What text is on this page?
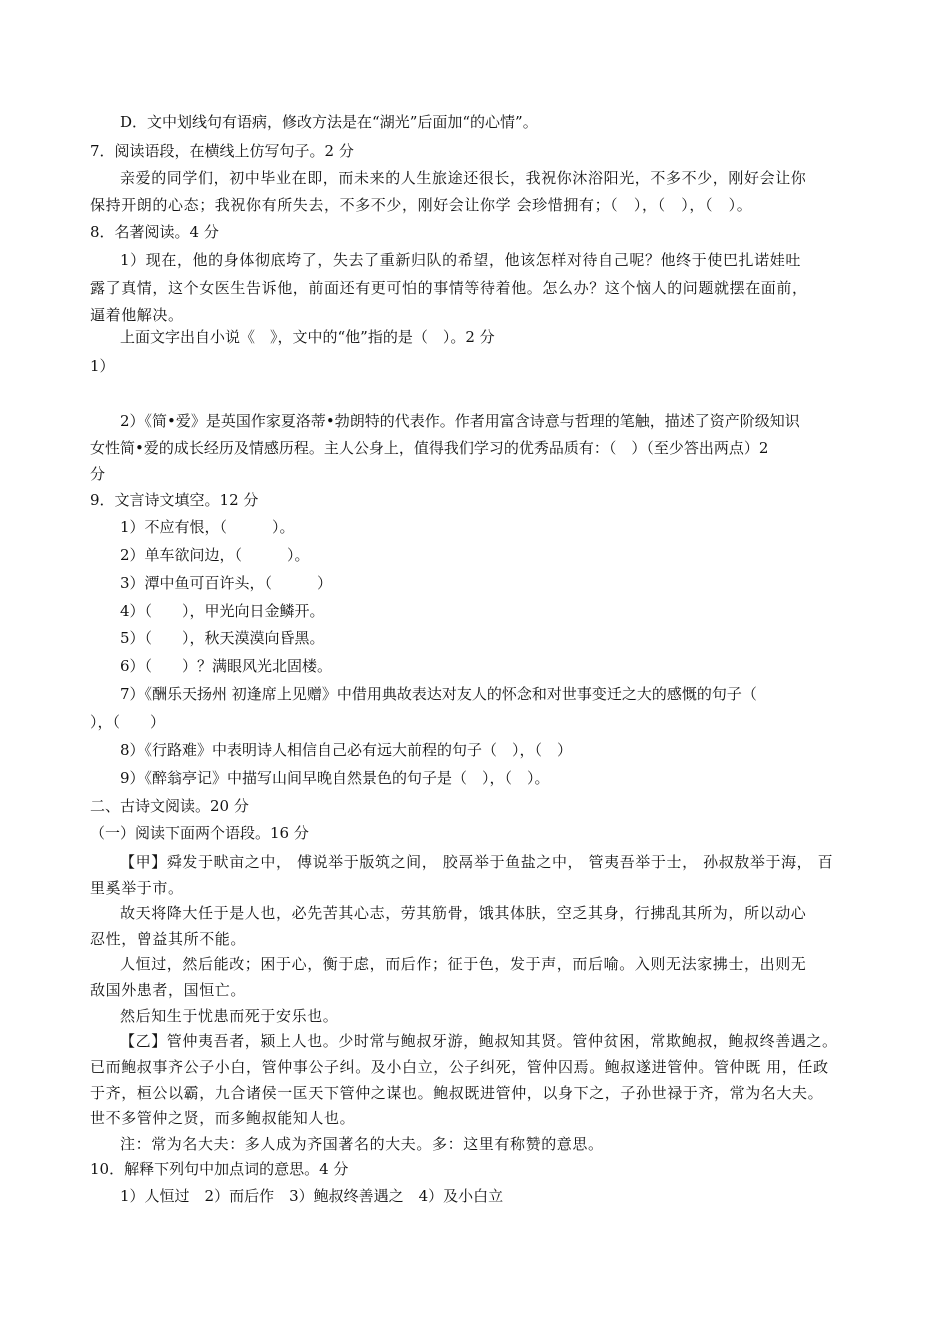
D．文中划线句有语病，修改方法是在“湖光”后面加“的心情”。
7．阅读语段，在横线上仿写句子。2 分
亲爱的同学们，初中毕业在即，而未来的人生旅途还很长，我祝你沐浴阳光，不多不少，刚好会让你
保持开朗的心态；我祝你有所失去，不多不少，刚好会让你学 会珍惜拥有；（　），（　），（　）。
8．名著阅读。4 分
1）现在，他的身体彻底垮了，失去了重新归队的希望，他该怎样对待自己呢？他终于使巴扎诺娃吐
露了真情，这个女医生告诉他，前面还有更可怕的事情等待着他。怎么办？这个恼人的问题就摆在面前，
逼着他解决。
上面文字出自小说《　》，文中的“他”指的是（　）。2 分
1）
2）《简•爱》是英国作家夏洛蒂•勃朗特的代表作。作者用富含诗意与哲理的笔触，描述了资产阶级知识
女性简•爱的成长经历及情感历程。主人公身上，值得我们学习的优秀品质有：（　）（至少答出两点）2
分
9．文言诗文填空。12 分
1）不应有恨，（　　　）。
2）单车欲问边，（　　　）。
3）潭中鱼可百许头，（　　　）
4）（　　），甲光向日金鳞开。
5）（　　），秋天漠漠向昏黑。
6）（　　）？满眼风光北固楼。
7）《酬乐天扬州 初逢席上见赠》中借用典故表达对友人的怀念和对世事变迁之大的感慨的句子（
），（　　）
8）《行路难》中表明诗人相信自己必有远大前程的句子（　），（　）
9）《醉翁亭记》中描写山间早晚自然景色的句子是（　），（　）。
二、古诗文阅读。20 分
（一）阅读下面两个语段。16 分
【甲】舜发于畎亩之中， 傅说举于版筑之间， 胶鬲举于鱼盐之中， 管夷吾举于士， 孙叔敖举于海， 百
里奚举于市。
故天将降大任于是人也，必先苦其心志，劳其筋骨，饿其体肤，空乏其身，行拂乱其所为，所以动心
忍性，曾益其所不能。
人恒过，然后能改；困于心，衡于虑，而后作；征于色，发于声，而后喻。入则无法家拂士，出则无
敌国外患者，国恒亡。
然后知生于忧患而死于安乐也。
【乙】管仲夷吾者，颍上人也。少时常与鲍叔牙游，鲍叔知其贤。管仲贫困，常欺鲍叔，鲍叔终善遇之。
已而鲍叔事齐公子小白，管仲事公子纠。及小白立，公子纠死，管仲囚焉。鲍叔遂进管仲。管仲既 用，任政
于齐，桓公以霸，九合诸侯一匡天下管仲之谋也。鲍叔既进管仲，以身下之，子孙世禄于齐，常为名大夫。
世不多管仲之贤，而多鲍叔能知人也。
注：常为名大夫：多人成为齐国著名的大夫。多：这里有称赞的意思。
10．解释下列句中加点词的意思。4 分
1）人恒过　2）而后作　3）鲍叔终善遇之　4）及小白立
